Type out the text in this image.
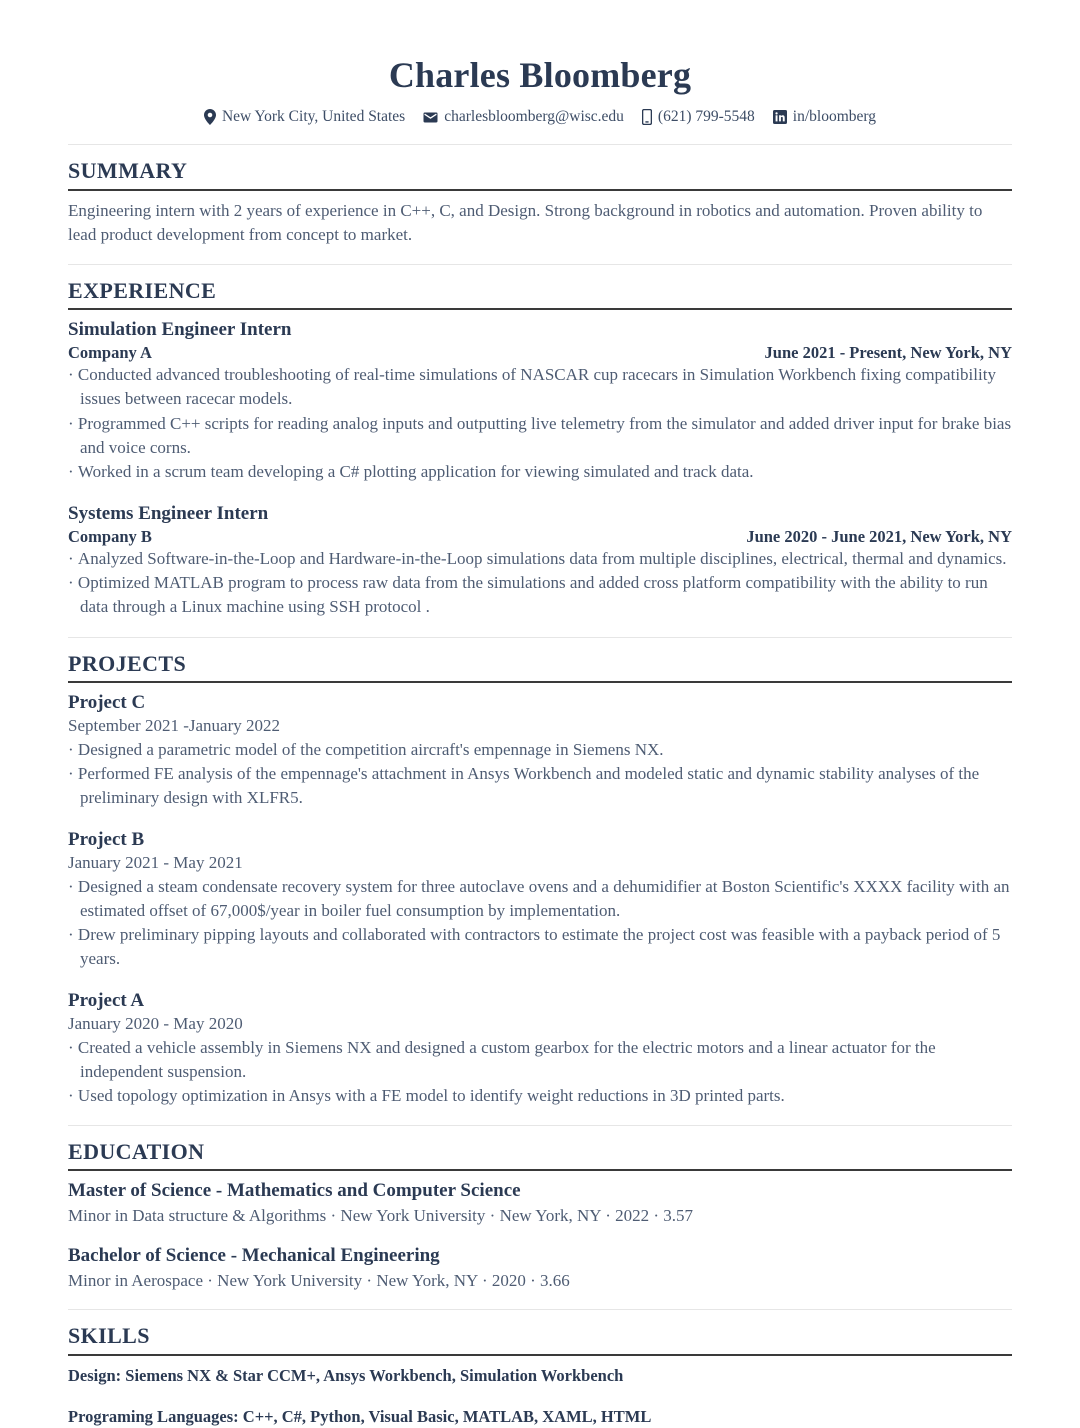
Charles Bloomberg
New York City, United States	charlesbloomberg@wisc.edu (621) 799-5548 in/bloomberg
SUMMARY

Engineering intern with 2 years of experience in C++, C, and Design. Strong background in robotics and automation. Proven ability to lead product development from concept to market.

EXPERIENCE
Simulation Engineer Intern
Company A	June 2021 - Present, New York, NY
· Conducted advanced troubleshooting of real-time simulations of NASCAR cup racecars in Simulation Workbench fixing compatibility issues between racecar models.
· Programmed C++ scripts for reading analog inputs and outputting live telemetry from the simulator and added driver input for brake bias and voice corns.
· Worked in a scrum team developing a C# plotting application for viewing simulated and track data.
Systems Engineer Intern
Company B	June 2020 - June 2021, New York, NY
· Analyzed Software-in-the-Loop and Hardware-in-the-Loop simulations data from multiple disciplines, electrical, thermal and dynamics.
· Optimized MATLAB program to process raw data from the simulations and added cross platform compatibility with the ability to run data through a Linux machine using SSH protocol .
PROJECTS
Project C
September 2021 -January 2022
· Designed a parametric model of the competition aircraft's empennage in Siemens NX.
· Performed FE analysis of the empennage's attachment in Ansys Workbench and modeled static and dynamic stability analyses of the preliminary design with XLFR5.
Project B
January 2021 - May 2021
· Designed a steam condensate recovery system for three autoclave ovens and a dehumidifier at Boston Scientific's XXXX facility with an estimated offset of 67,000$/year in boiler fuel consumption by implementation.
· Drew preliminary pipping layouts and collaborated with contractors to estimate the project cost was feasible with a payback period of 5 years.
Project A
January 2020 - May 2020
· Created a vehicle assembly in Siemens NX and designed a custom gearbox for the electric motors and a linear actuator for the independent suspension.
· Used topology optimization in Ansys with a FE model to identify weight reductions in 3D printed parts.
EDUCATION
Master of Science - Mathematics and Computer Science
Minor in Data structure & Algorithms · New York University · New York, NY · 2022 · 3.57
Bachelor of Science - Mechanical Engineering
Minor in Aerospace · New York University · New York, NY · 2020 · 3.66
SKILLS

Design: Siemens NX & Star CCM+, Ansys Workbench, Simulation Workbench

Programing Languages: C++, C#, Python, Visual Basic, MATLAB, XAML, HTML
